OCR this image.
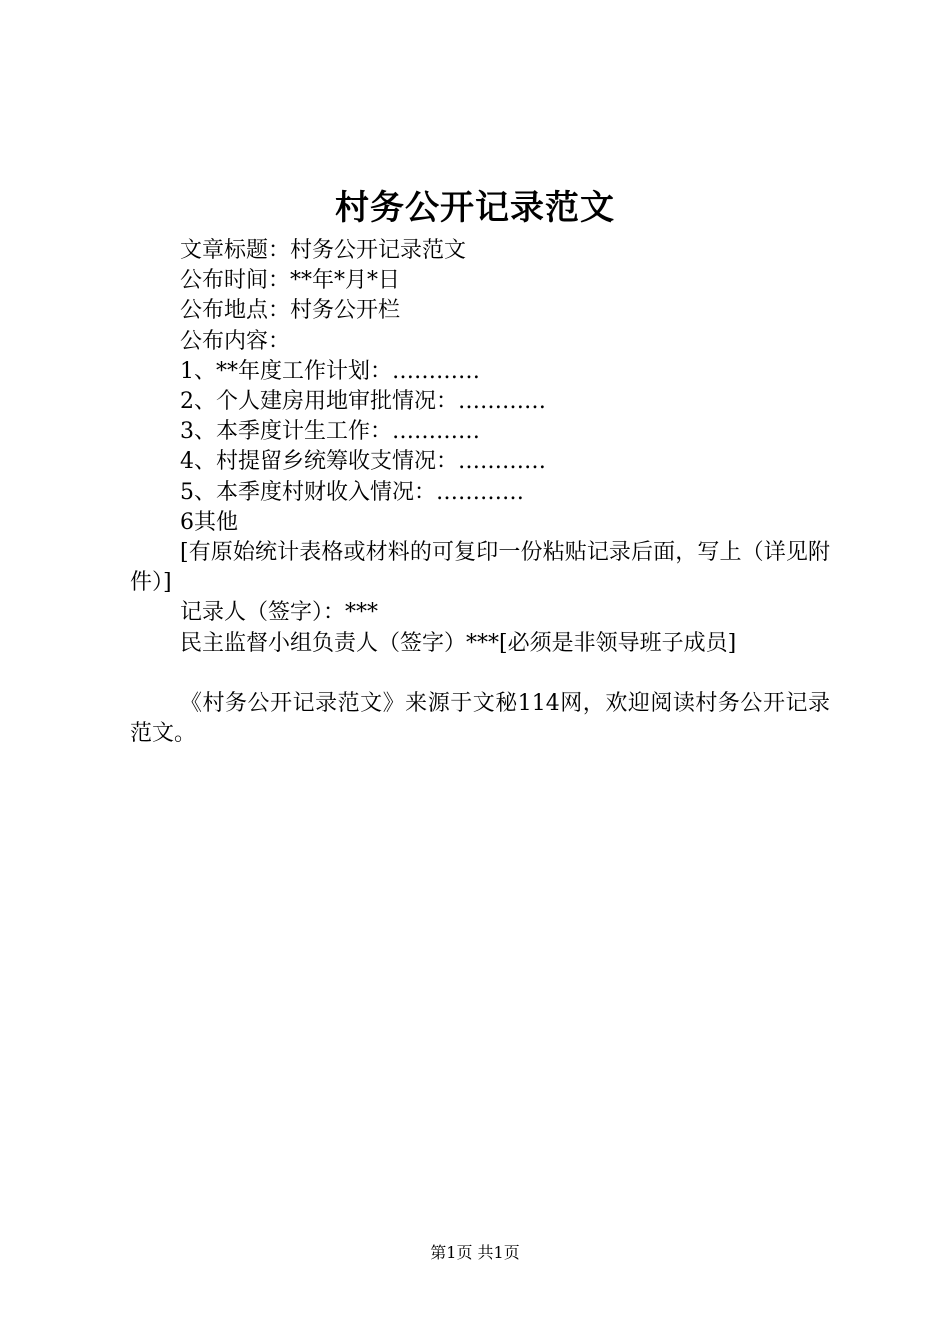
村务公开记录范文
文章标题：村务公开记录范文
公布时间：**年*月*日
公布地点：村务公开栏
公布内容：
1、**年度工作计划：…………
2、个人建房用地审批情况：…………
3、本季度计生工作：…………
4、村提留乡统筹收支情况：…………
5、本季度村财收入情况：…………
6其他
[有原始统计表格或材料的可复印一份粘贴记录后面，写上（详见附件）]
记录人（签字）：***
民主监督小组负责人（签字）***[必须是非领导班子成员]
《村务公开记录范文》来源于文秘114网，欢迎阅读村务公开记录范文。
第1页 共1页
